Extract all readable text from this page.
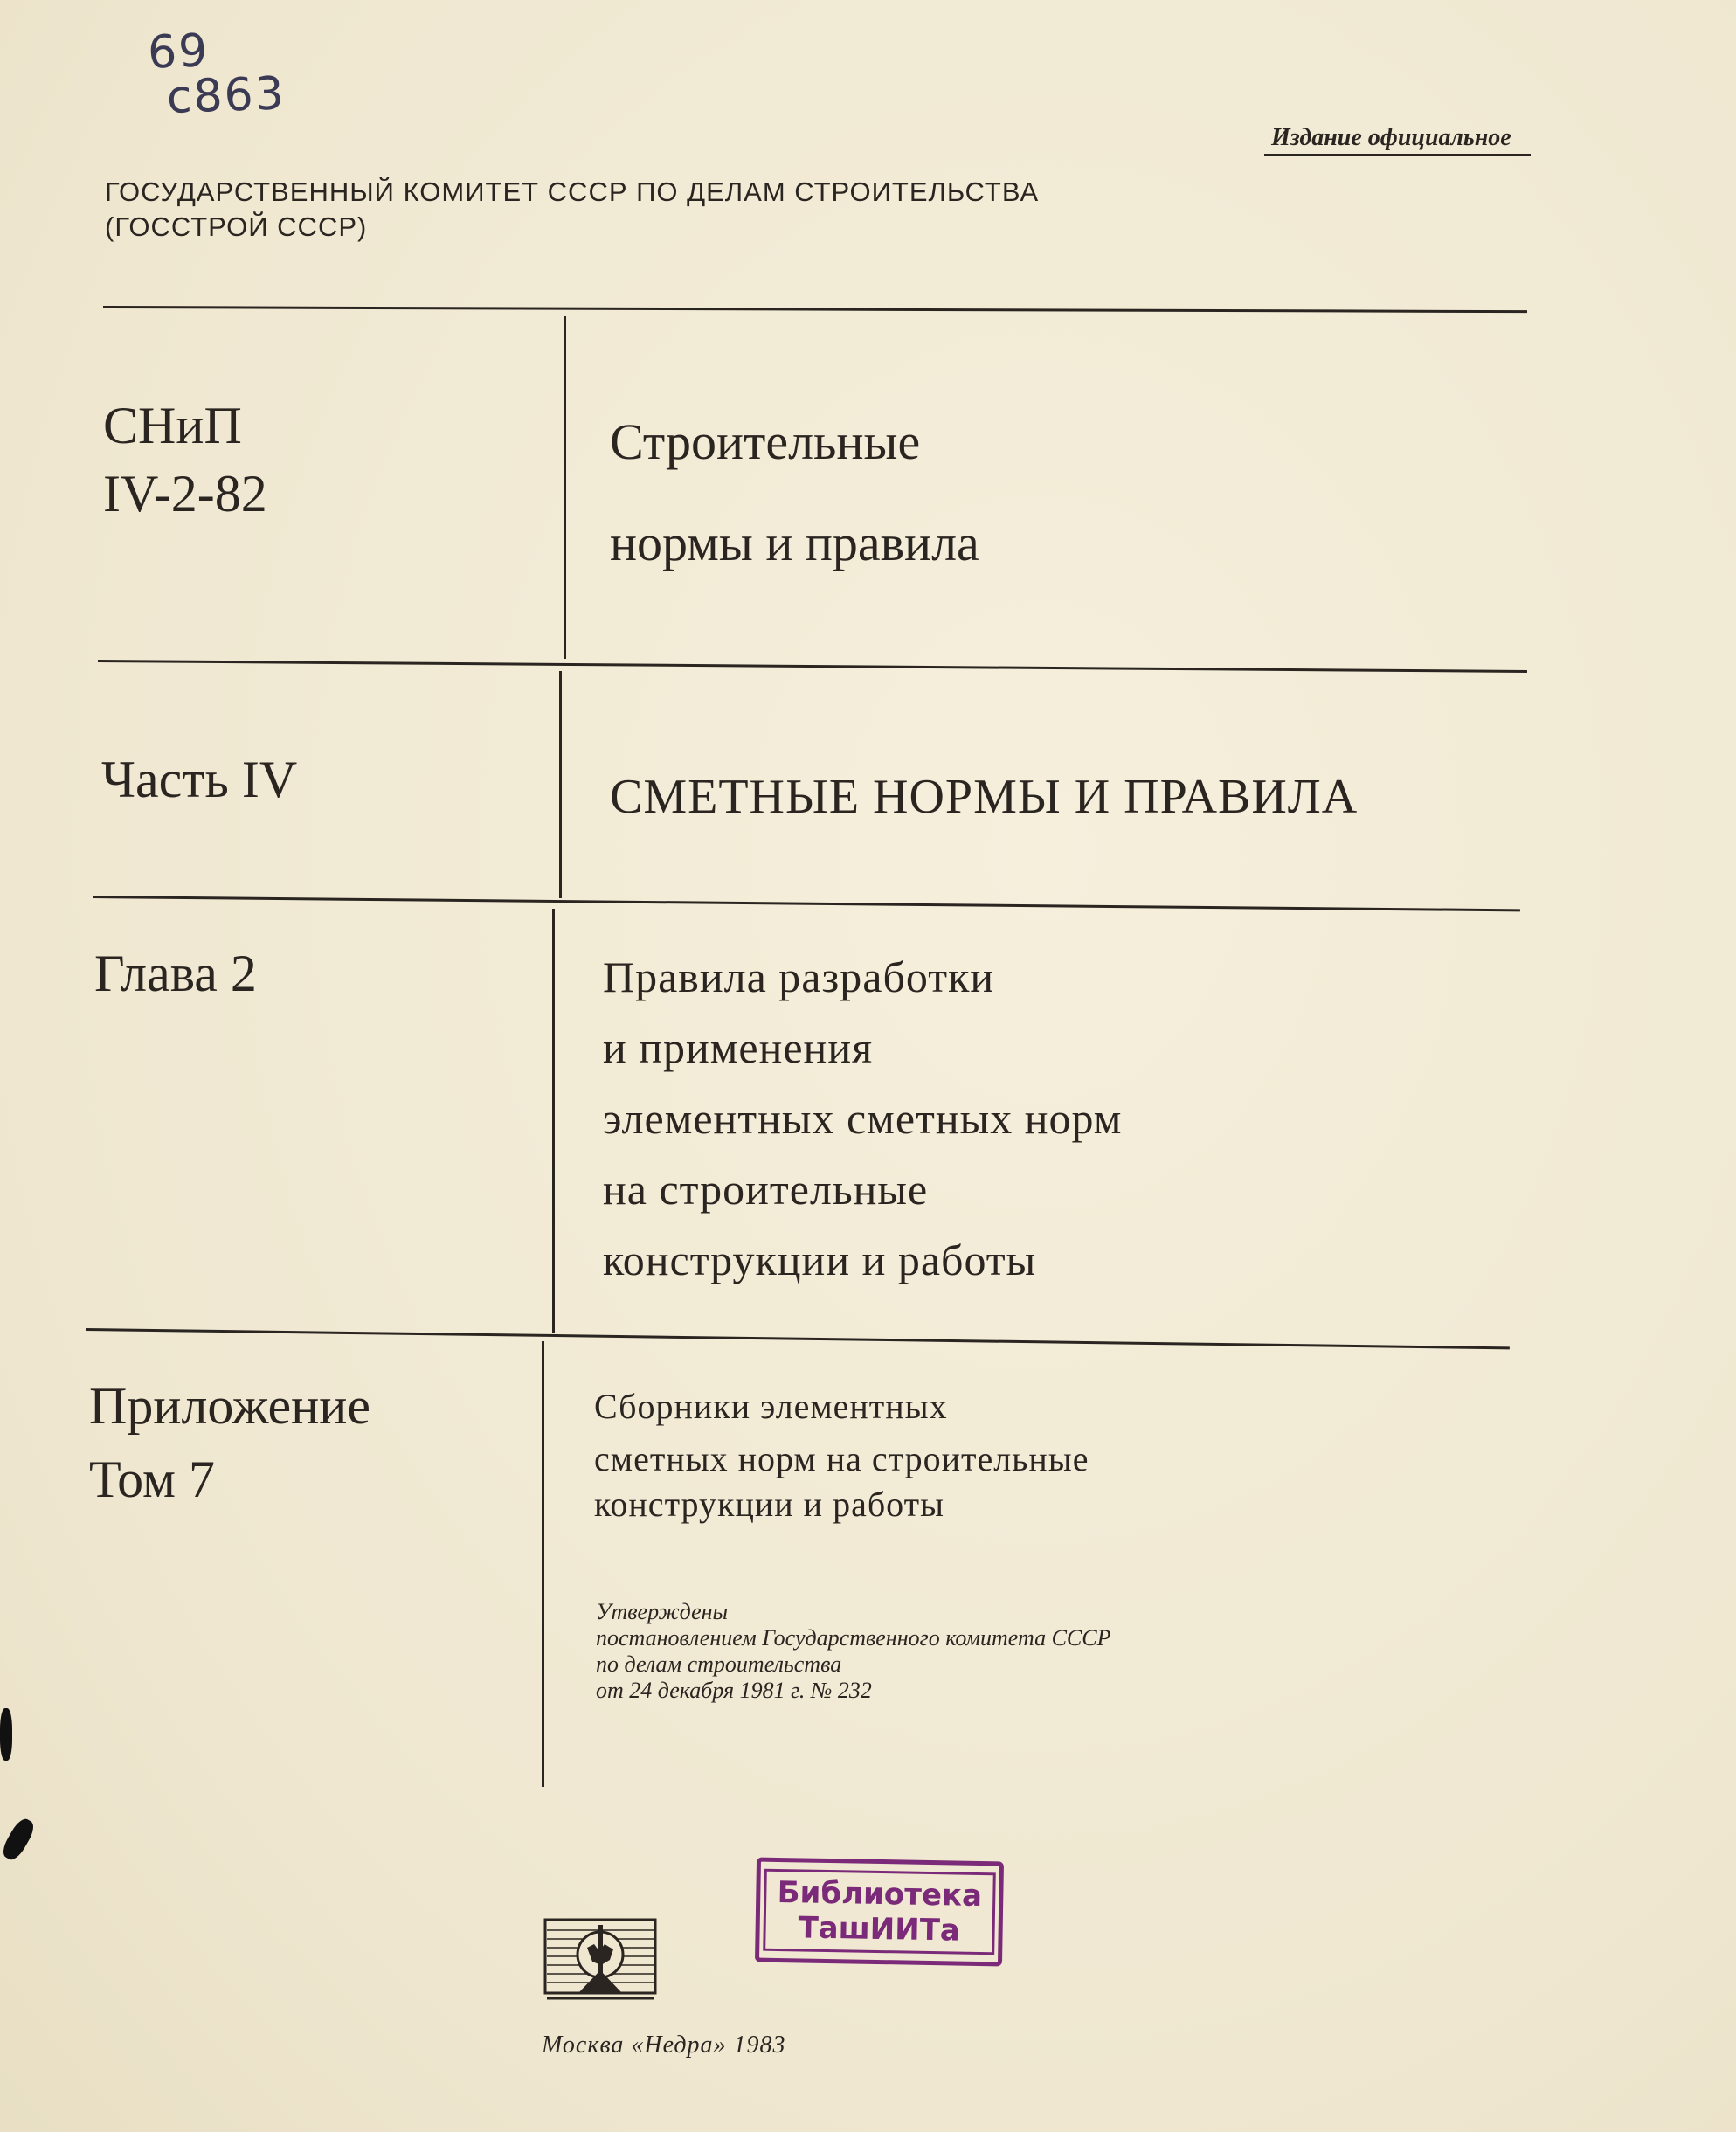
69
с863
Издание официальное
ГОСУДАРСТВЕННЫЙ КОМИТЕТ СССР ПО ДЕЛАМ СТРОИТЕЛЬСТВА
(ГОССТРОЙ СССР)
СНиП
IV-2-82
Строительные
нормы и правила
Часть IV	СМЕТНЫЕ НОРМЫ И ПРАВИЛА
Глава 2	Правила разработки
и применения
элементных сметных норм
на строительные
конструкции и работы
Приложение
Том 7
Сборники элементных
сметных норм на строительные
конструкции и работы
Утверждены
постановлением Государственного комитета СССР
по делам строительства
от 24 декабря 1981 г. № 232
Библиотека
ТашИИТа
Москва «Недра» 1983
